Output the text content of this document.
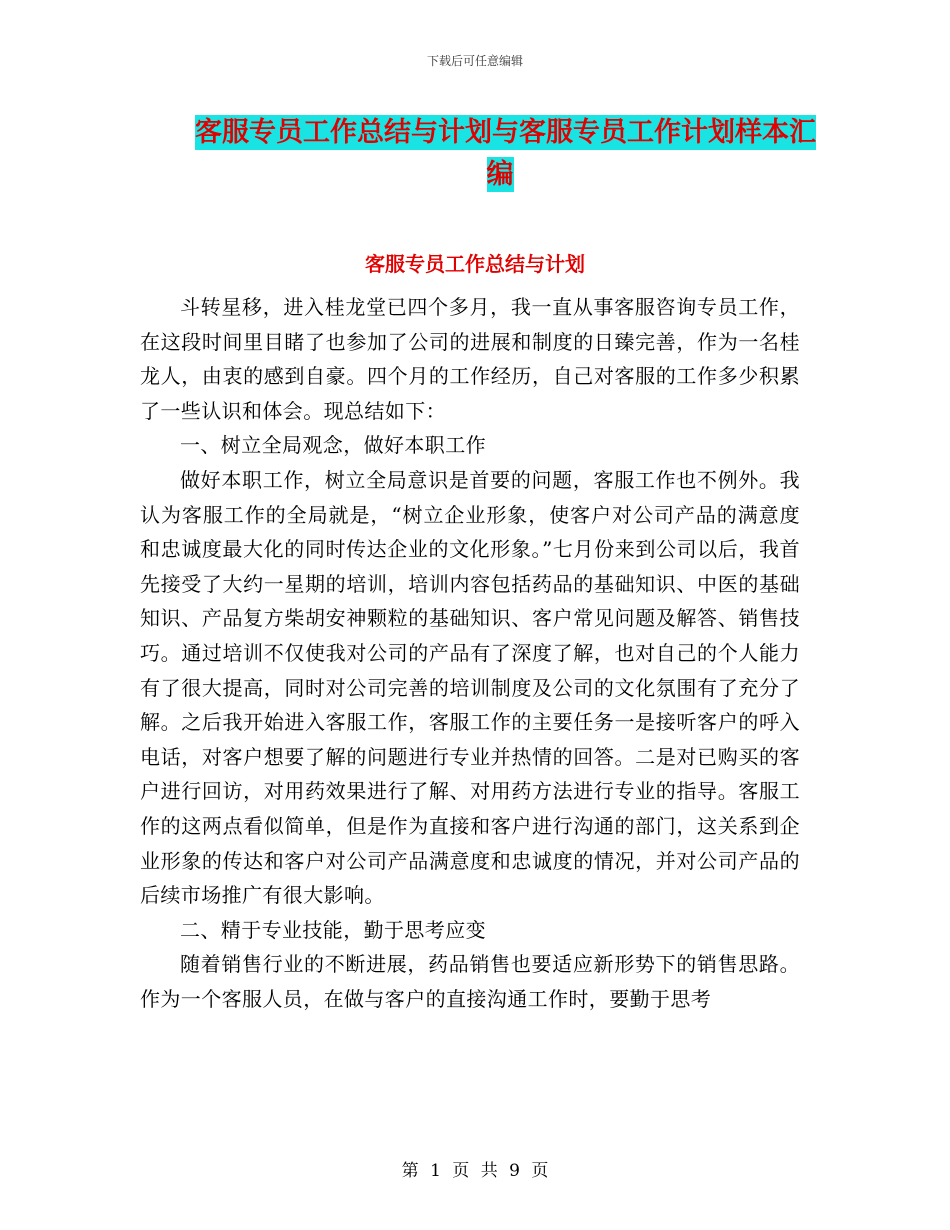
下载后可任意编辑
客服专员工作总结与计划与客服专员工作计划样本汇
编
客服专员工作总结与计划

斗转星移，进入桂龙堂已四个多月，我一直从事客服咨询专员工作，在这段时间里目睹了也参加了公司的进展和制度的日臻完善，作为一名桂龙人，由衷的感到自豪。四个月的工作经历，自己对客服的工作多少积累了一些认识和体会。现总结如下：

一、树立全局观念，做好本职工作

做好本职工作，树立全局意识是首要的问题，客服工作也不例外。我认为客服工作的全局就是，“树立企业形象，使客户对公司产品的满意度和忠诚度最大化的同时传达企业的文化形象。”七月份来到公司以后，我首先接受了大约一星期的培训，培训内容包括药品的基础知识、中医的基础知识、产品复方柴胡安神颗粒的基础知识、客户常见问题及解答、销售技巧。通过培训不仅使我对公司的产品有了深度了解，也对自己的个人能力有了很大提高，同时对公司完善的培训制度及公司的文化氛围有了充分了解。之后我开始进入客服工作，客服工作的主要任务一是接听客户的呼入电话，对客户想要了解的问题进行专业并热情的回答。二是对已购买的客户进行回访，对用药效果进行了解、对用药方法进行专业的指导。客服工作的这两点看似简单，但是作为直接和客户进行沟通的部门，这关系到企业形象的传达和客户对公司产品满意度和忠诚度的情况，并对公司产品的后续市场推广有很大影响。

二、精于专业技能，勤于思考应变

随着销售行业的不断进展，药品销售也要适应新形势下的销售思路。作为一个客服人员，在做与客户的直接沟通工作时，要勤于思考

第 1 页 共 9 页
